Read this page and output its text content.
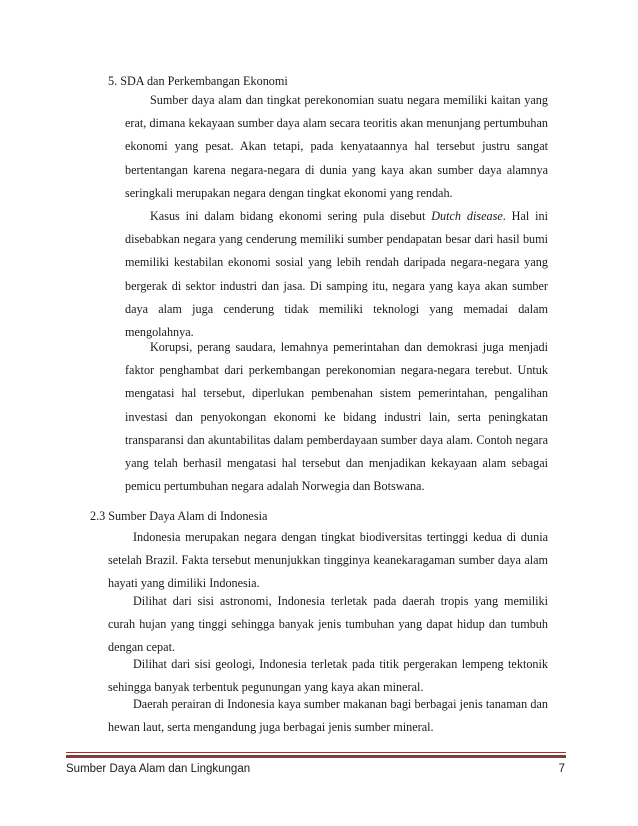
5. SDA dan Perkembangan Ekonomi

Sumber daya alam dan tingkat perekonomian suatu negara memiliki kaitan yang erat, dimana kekayaan sumber daya alam secara teoritis akan menunjang pertumbuhan ekonomi yang pesat. Akan tetapi, pada kenyataannya hal tersebut justru sangat bertentangan karena negara-negara di dunia yang kaya akan sumber daya alamnya seringkali merupakan negara dengan tingkat ekonomi yang rendah.

Kasus ini dalam bidang ekonomi sering pula disebut Dutch disease. Hal ini disebabkan negara yang cenderung memiliki sumber pendapatan besar dari hasil bumi memiliki kestabilan ekonomi sosial yang lebih rendah daripada negara-negara yang bergerak di sektor industri dan jasa. Di samping itu, negara yang kaya akan sumber daya alam juga cenderung tidak memiliki teknologi yang memadai dalam mengolahnya.

Korupsi, perang saudara, lemahnya pemerintahan dan demokrasi juga menjadi faktor penghambat dari perkembangan perekonomian negara-negara terebut. Untuk mengatasi hal tersebut, diperlukan pembenahan sistem pemerintahan, pengalihan investasi dan penyokongan ekonomi ke bidang industri lain, serta peningkatan transparansi dan akuntabilitas dalam pemberdayaan sumber daya alam. Contoh negara yang telah berhasil mengatasi hal tersebut dan menjadikan kekayaan alam sebagai pemicu pertumbuhan negara adalah Norwegia dan Botswana.

2.3 Sumber Daya Alam di Indonesia

Indonesia merupakan negara dengan tingkat biodiversitas tertinggi kedua di dunia setelah Brazil. Fakta tersebut menunjukkan tingginya keanekaragaman sumber daya alam hayati yang dimiliki Indonesia.

Dilihat dari sisi astronomi, Indonesia terletak pada daerah tropis yang memiliki curah hujan yang tinggi sehingga banyak jenis tumbuhan yang dapat hidup dan tumbuh dengan cepat.

Dilihat dari sisi geologi, Indonesia terletak pada titik pergerakan lempeng tektonik sehingga banyak terbentuk pegunungan yang kaya akan mineral.

Daerah perairan di Indonesia kaya sumber makanan bagi berbagai jenis tanaman dan hewan laut, serta mengandung juga berbagai jenis sumber mineral.

Sumber Daya Alam dan Lingkungan	7
